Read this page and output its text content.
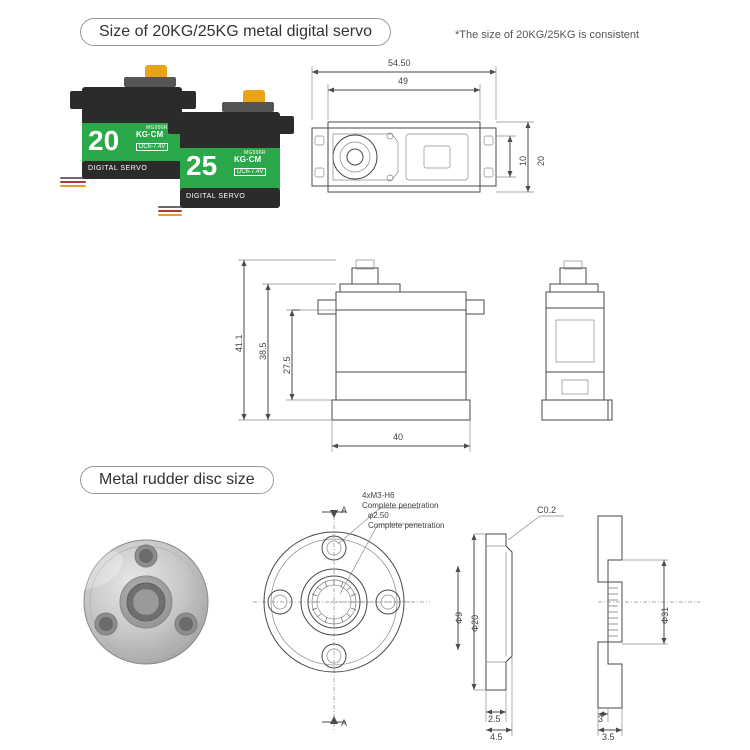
Size of 20KG/25KG metal digital servo	*The size of 20KG/25KG is consistent
MG996R
20 KG·CM
DC6-7.4V
DIGITAL SERVO
MG996R
25 KG·CM
DC6-7.4V
DIGITAL SERVO
54.50
49
20
10
41.1 38.5
27.5
40
Metal rudder disc size
4xM3-H6
Complete penetration
φ2.50
Complete penetration
A
A
C0.2
Φ20
Φ9
2.5
4.5
Φ31
3
3.5
